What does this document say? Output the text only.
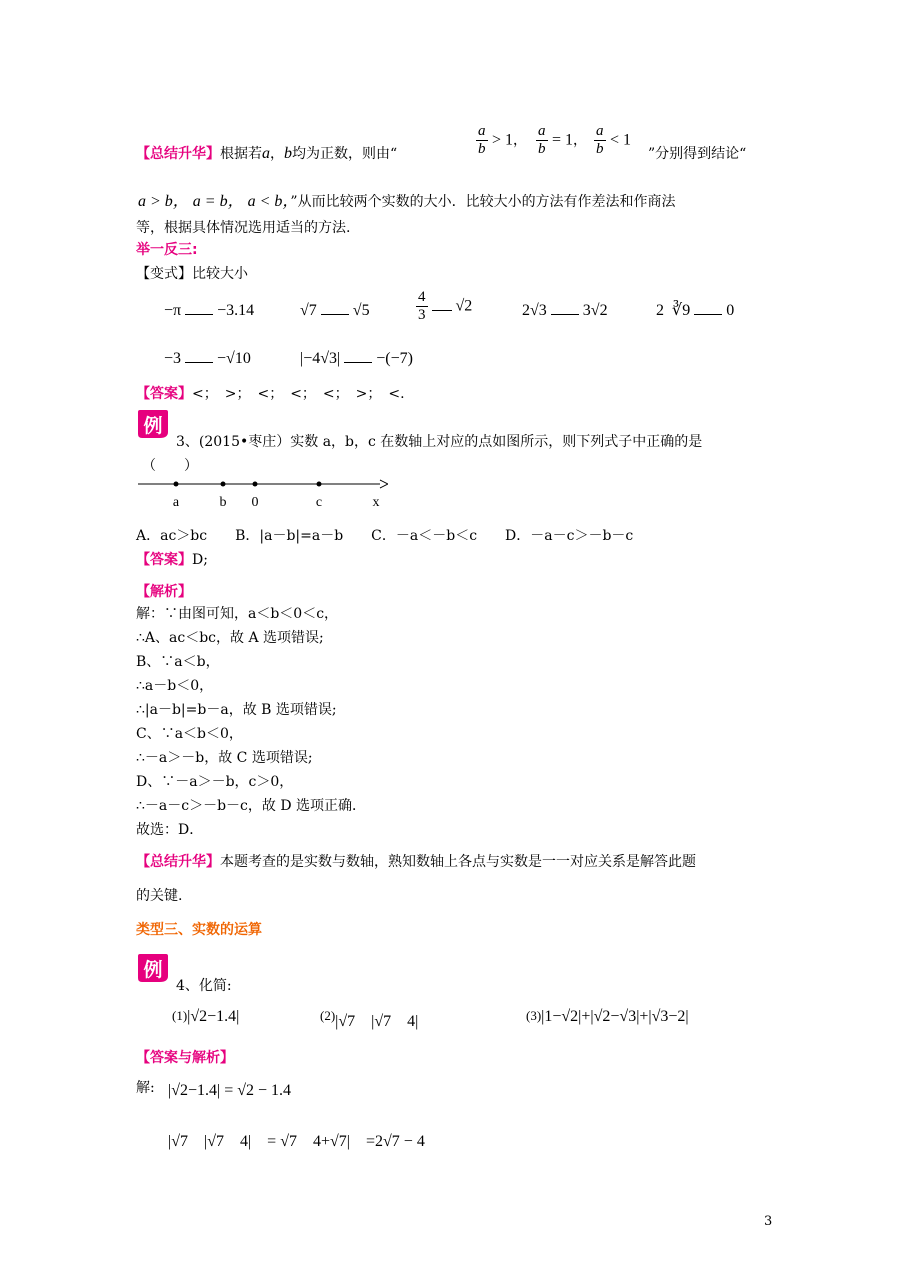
【总结升华】根据若a，b均为正数，则由“	$\frac{a}{b} > 1$， $\frac{a}{b} = 1$， $\frac{a}{b} < 1$
”分别得到结论“
a > b， a = b， a < b，”从而比较两个实数的大小．比较大小的方法有作差法和作商法
等，根据具体情况选用适当的方法.
举一反三:
【变式】比较大小
−π −3.14	√7 √5	$\frac{4}{3} √2$	2√3 3√2	2 ∛9 0
−3 −√10	|−4√3| −(−7)
【答案】<；　>；　<；　<；　<；　>；　<.
例
3、(2015•枣庄）实数 a，b，c 在数轴上对应的点如图所示，则下列式子中正确的是
（　　）
a	b 0	c	x
A．ac＞bc　　B．|a－b|=a－b　　C．－a＜－b＜c　　D．－a－c＞－b－c
【答案】D;
【解析】
解：∵由图可知，a＜b＜0＜c，
∴A、ac＜bc，故 A 选项错误;
B、∵a＜b，
∴a－b＜0，
∴|a－b|=b－a，故 B 选项错误;
C、∵a＜b＜0，
∴－a＞－b，故 C 选项错误;
D、∵－a＞－b，c＞0，
∴－a－c＞－b－c，故 D 选项正确．
故选：D．
【总结升华】本题考查的是实数与数轴，熟知数轴上各点与实数是一一对应关系是解答此题
的关键.
类型三、实数的运算
例
4、化简:
$^{(1)}$|√2−1.4|	$^{(2)}$|√7　|√7　4|	$^{(3)}$|1−√2|+|√2−√3|+|√3−2|
【答案与解析】
解: |√2−1.4| = √2 − 1.4
|√7　|√7　4|　= √7　4+√7|　=2√7 − 4
3
